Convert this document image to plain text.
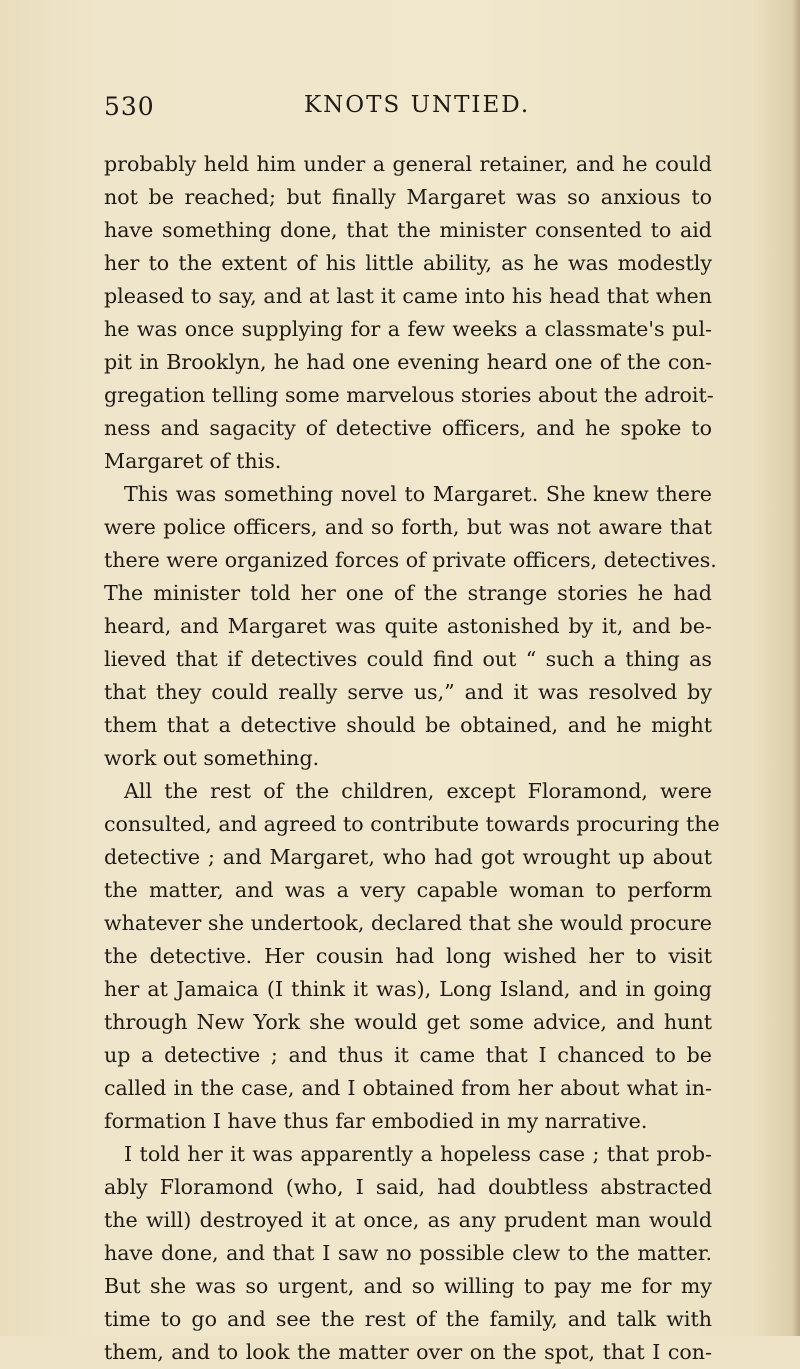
530	KNOTS UNTIED.
probably held him under a general retainer, and he could
not be reached; but finally Margaret was so anxious to
have something done, that the minister consented to aid
her to the extent of his little ability, as he was modestly
pleased to say, and at last it came into his head that when
he was once supplying for a few weeks a classmate's pul-
pit in Brooklyn, he had one evening heard one of the con-
gregation telling some marvelous stories about the adroit-
ness and sagacity of detective officers, and he spoke to
Margaret of this.
This was something novel to Margaret. She knew there
were police officers, and so forth, but was not aware that
there were organized forces of private officers, detectives.
The minister told her one of the strange stories he had
heard, and Margaret was quite astonished by it, and be-
lieved that if detectives could find out “ such a thing as
that they could really serve us,” and it was resolved by
them that a detective should be obtained, and he might
work out something.
All the rest of the children, except Floramond, were
consulted, and agreed to contribute towards procuring the
detective ; and Margaret, who had got wrought up about
the matter, and was a very capable woman to perform
whatever she undertook, declared that she would procure
the detective. Her cousin had long wished her to visit
her at Jamaica (I think it was), Long Island, and in going
through New York she would get some advice, and hunt
up a detective ; and thus it came that I chanced to be
called in the case, and I obtained from her about what in-
formation I have thus far embodied in my narrative.
I told her it was apparently a hopeless case ; that prob-
ably Floramond (who, I said, had doubtless abstracted
the will) destroyed it at once, as any prudent man would
have done, and that I saw no possible clew to the matter.
But she was so urgent, and so willing to pay me for my
time to go and see the rest of the family, and talk with
them, and to look the matter over on the spot, that I con-
